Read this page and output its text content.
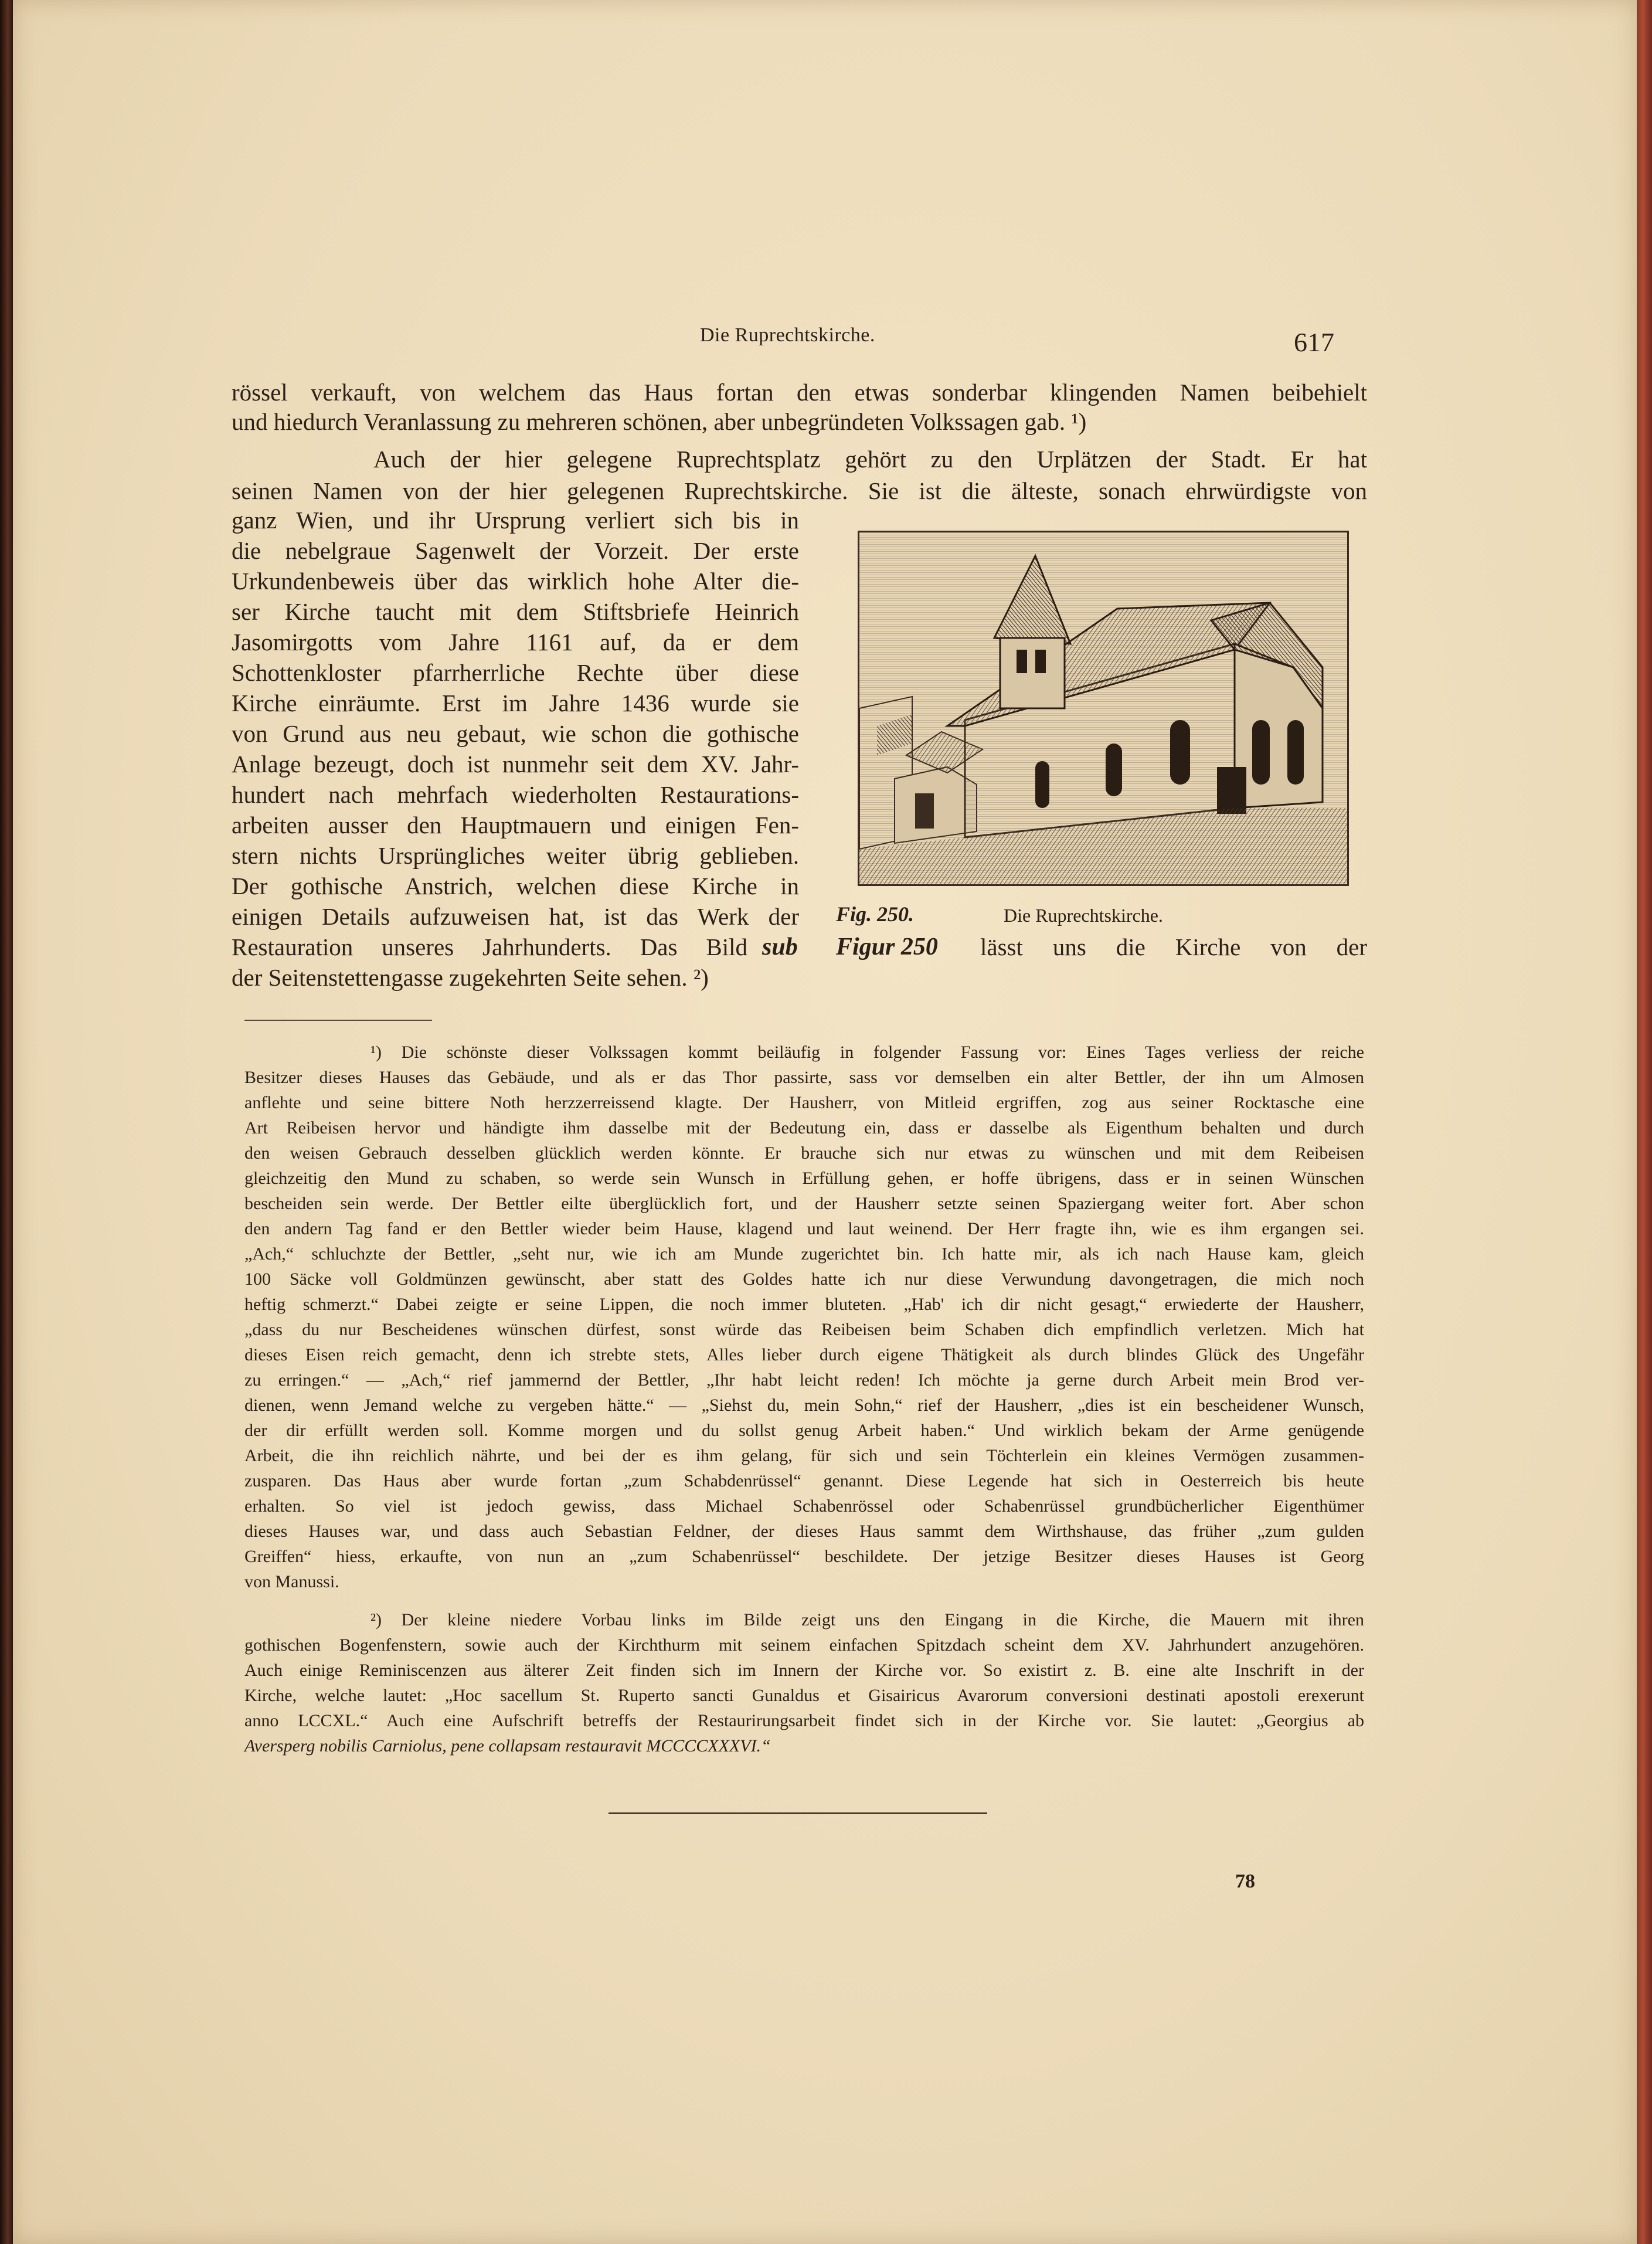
Die Ruprechtskirche.	617
rössel verkauft, von welchem das Haus fortan den etwas sonderbar klingenden Namen beibehielt
und hiedurch Veranlassung zu mehreren schönen, aber unbegründeten Volkssagen gab. ¹)
Auch der hier gelegene Ruprechtsplatz gehört zu den Urplätzen der Stadt. Er hat
seinen Namen von der hier gelegenen Ruprechtskirche. Sie ist die älteste, sonach ehrwürdigste von
ganz Wien, und ihr Ursprung verliert sich bis in
die nebelgraue Sagenwelt der Vorzeit. Der erste
Urkundenbeweis über das wirklich hohe Alter die-
ser Kirche taucht mit dem Stiftsbriefe Heinrich
Jasomirgotts vom Jahre 1161 auf, da er dem
Schottenkloster pfarrherrliche Rechte über diese
Kirche einräumte. Erst im Jahre 1436 wurde sie
von Grund aus neu gebaut, wie schon die gothische
Anlage bezeugt, doch ist nunmehr seit dem XV. Jahr-
hundert nach mehrfach wiederholten Restaurations-
arbeiten ausser den Hauptmauern und einigen Fen-
stern nichts Ursprüngliches weiter übrig geblieben.
Der gothische Anstrich, welchen diese Kirche in
einigen Details aufzuweisen hat, ist das Werk der
Restauration unseres Jahrhunderts. Das Bild sub Figur 250 lässt uns die Kirche von der
der Seitenstettengasse zugekehrten Seite sehen. ²)
Fig. 250.	Die Ruprechtskirche.
¹) Die schönste dieser Volkssagen kommt beiläufig in folgender Fassung vor: Eines Tages verliess der reiche
Besitzer dieses Hauses das Gebäude, und als er das Thor passirte, sass vor demselben ein alter Bettler, der ihn um Almosen
anflehte und seine bittere Noth herzzerreissend klagte. Der Hausherr, von Mitleid ergriffen, zog aus seiner Rocktasche eine
Art Reibeisen hervor und händigte ihm dasselbe mit der Bedeutung ein, dass er dasselbe als Eigenthum behalten und durch
den weisen Gebrauch desselben glücklich werden könnte. Er brauche sich nur etwas zu wünschen und mit dem Reibeisen
gleichzeitig den Mund zu schaben, so werde sein Wunsch in Erfüllung gehen, er hoffe übrigens, dass er in seinen Wünschen
bescheiden sein werde. Der Bettler eilte überglücklich fort, und der Hausherr setzte seinen Spaziergang weiter fort. Aber schon
den andern Tag fand er den Bettler wieder beim Hause, klagend und laut weinend. Der Herr fragte ihn, wie es ihm ergangen sei.
„Ach,“ schluchzte der Bettler, „seht nur, wie ich am Munde zugerichtet bin. Ich hatte mir, als ich nach Hause kam, gleich
100 Säcke voll Goldmünzen gewünscht, aber statt des Goldes hatte ich nur diese Verwundung davongetragen, die mich noch
heftig schmerzt.“ Dabei zeigte er seine Lippen, die noch immer bluteten. „Hab' ich dir nicht gesagt,“ erwiederte der Hausherr,
„dass du nur Bescheidenes wünschen dürfest, sonst würde das Reibeisen beim Schaben dich empfindlich verletzen. Mich hat
dieses Eisen reich gemacht, denn ich strebte stets, Alles lieber durch eigene Thätigkeit als durch blindes Glück des Ungefähr
zu erringen.“ — „Ach,“ rief jammernd der Bettler, „Ihr habt leicht reden! Ich möchte ja gerne durch Arbeit mein Brod ver-
dienen, wenn Jemand welche zu vergeben hätte.“ — „Siehst du, mein Sohn,“ rief der Hausherr, „dies ist ein bescheidener Wunsch,
der dir erfüllt werden soll. Komme morgen und du sollst genug Arbeit haben.“ Und wirklich bekam der Arme genügende
Arbeit, die ihn reichlich nährte, und bei der es ihm gelang, für sich und sein Töchterlein ein kleines Vermögen zusammen-
zusparen. Das Haus aber wurde fortan „zum Schabdenrüssel“ genannt. Diese Legende hat sich in Oesterreich bis heute
erhalten. So viel ist jedoch gewiss, dass Michael Schabenrössel oder Schabenrüssel grundbücherlicher Eigenthümer
dieses Hauses war, und dass auch Sebastian Feldner, der dieses Haus sammt dem Wirthshause, das früher „zum gulden
Greiffen“ hiess, erkaufte, von nun an „zum Schabenrüssel“ beschildete. Der jetzige Besitzer dieses Hauses ist Georg
von Manussi.
²) Der kleine niedere Vorbau links im Bilde zeigt uns den Eingang in die Kirche, die Mauern mit ihren
gothischen Bogenfenstern, sowie auch der Kirchthurm mit seinem einfachen Spitzdach scheint dem XV. Jahrhundert anzugehören.
Auch einige Reminiscenzen aus älterer Zeit finden sich im Innern der Kirche vor. So existirt z. B. eine alte Inschrift in der
Kirche, welche lautet: „Hoc sacellum St. Ruperto sancti Gunaldus et Gisairicus Avarorum conversioni destinati apostoli erexerunt
anno LCCXL.“ Auch eine Aufschrift betreffs der Restaurirungsarbeit findet sich in der Kirche vor. Sie lautet: „Georgius ab
Aversperg nobilis Carniolus, pene collapsam restauravit MCCCCXXXVI.“
78
